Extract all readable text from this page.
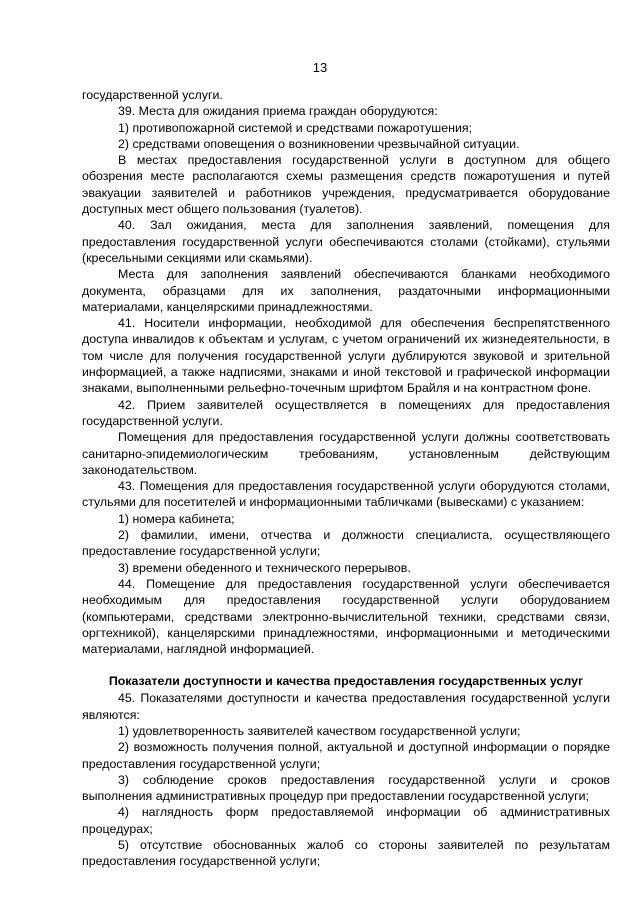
13

государственной услуги.

39. Места для ожидания приема граждан оборудуются:

1) противопожарной системой и средствами пожаротушения;

2) средствами оповещения о возникновении чрезвычайной ситуации.

В местах предоставления государственной услуги в доступном для общего обозрения месте располагаются схемы размещения средств пожаротушения и путей эвакуации заявителей и работников учреждения, предусматривается оборудование доступных мест общего пользования (туалетов).

40. Зал ожидания, места для заполнения заявлений, помещения для предоставления государственной услуги обеспечиваются столами (стойками), стульями (кресельными секциями или скамьями).

Места для заполнения заявлений обеспечиваются бланками необходимого документа, образцами для их заполнения, раздаточными информационными материалами, канцелярскими принадлежностями.

41. Носители информации, необходимой для обеспечения беспрепятственного доступа инвалидов к объектам и услугам, с учетом ограничений их жизнедеятельности, в том числе для получения государственной услуги дублируются звуковой и зрительной информацией, а также надписями, знаками и иной текстовой и графической информации знаками, выполненными рельефно-точечным шрифтом Брайля и на контрастном фоне.

42. Прием заявителей осуществляется в помещениях для предоставления государственной услуги.

Помещения для предоставления государственной услуги должны соответствовать санитарно-эпидемиологическим требованиям, установленным действующим законодательством.

43. Помещения для предоставления государственной услуги оборудуются столами, стульями для посетителей и информационными табличками (вывесками) с указанием:

1) номера кабинета;

2) фамилии, имени, отчества и должности специалиста, осуществляющего предоставление государственной услуги;

3) времени обеденного и технического перерывов.

44. Помещение для предоставления государственной услуги обеспечивается необходимым для предоставления государственной услуги оборудованием (компьютерами, средствами электронно-вычислительной техники, средствами связи, оргтехникой), канцелярскими принадлежностями, информационными и методическими материалами, наглядной информацией.

Показатели доступности и качества предоставления государственных услуг

45. Показателями доступности и качества предоставления государственной услуги являются:

1) удовлетворенность заявителей качеством государственной услуги;

2) возможность получения полной, актуальной и доступной информации о порядке предоставления государственной услуги;

3) соблюдение сроков предоставления государственной услуги и сроков выполнения административных процедур при предоставлении государственной услуги;

4) наглядность форм предоставляемой информации об административных процедурах;

5) отсутствие обоснованных жалоб со стороны заявителей по результатам предоставления государственной услуги;
